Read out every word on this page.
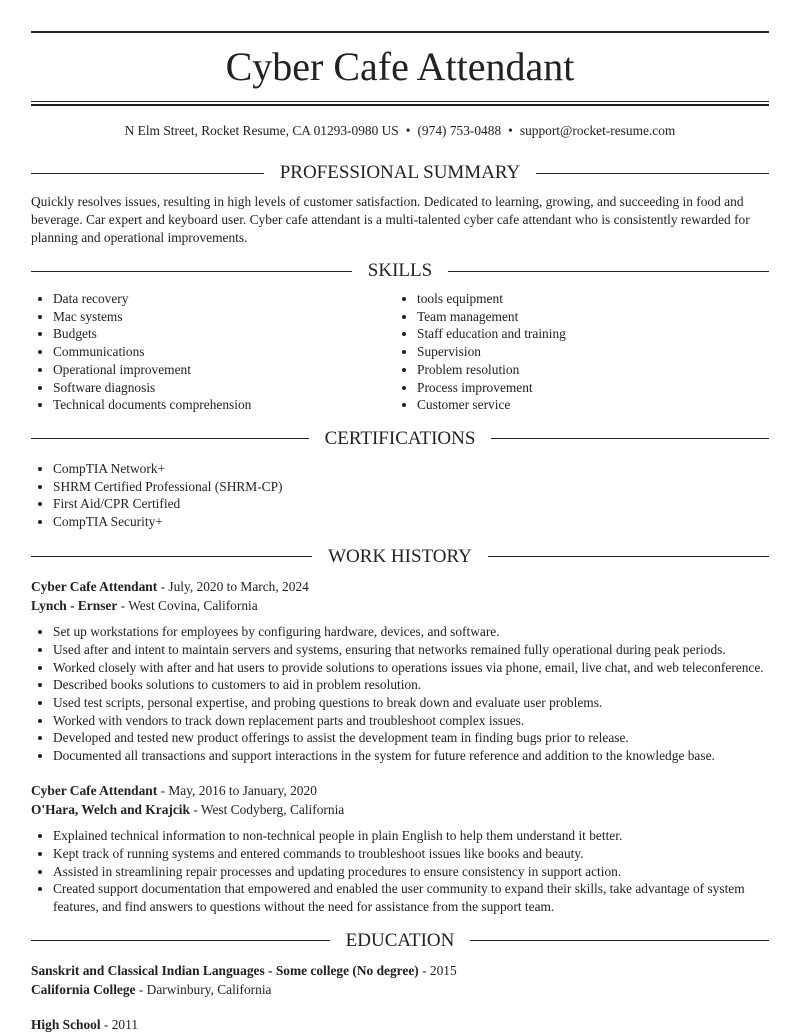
Cyber Cafe Attendant
N Elm Street, Rocket Resume, CA 01293-0980 US • (974) 753-0488 • support@rocket-resume.com
PROFESSIONAL SUMMARY
Quickly resolves issues, resulting in high levels of customer satisfaction. Dedicated to learning, growing, and succeeding in food and beverage. Car expert and keyboard user. Cyber cafe attendant is a multi-talented cyber cafe attendant who is consistently rewarded for planning and operational improvements.
SKILLS
• Data recovery
• Mac systems
• Budgets
• Communications
• Operational improvement
• Software diagnosis
• Technical documents comprehension
• tools equipment
• Team management
• Staff education and training
• Supervision
• Problem resolution
• Process improvement
• Customer service
CERTIFICATIONS
• CompTIA Network+
• SHRM Certified Professional (SHRM-CP)
• First Aid/CPR Certified
• CompTIA Security+
WORK HISTORY
Cyber Cafe Attendant - July, 2020 to March, 2024
Lynch - Ernser - West Covina, California
• Set up workstations for employees by configuring hardware, devices, and software.
• Used after and intent to maintain servers and systems, ensuring that networks remained fully operational during peak periods.
• Worked closely with after and hat users to provide solutions to operations issues via phone, email, live chat, and web teleconference.
• Described books solutions to customers to aid in problem resolution.
• Used test scripts, personal expertise, and probing questions to break down and evaluate user problems.
• Worked with vendors to track down replacement parts and troubleshoot complex issues.
• Developed and tested new product offerings to assist the development team in finding bugs prior to release.
• Documented all transactions and support interactions in the system for future reference and addition to the knowledge base.
Cyber Cafe Attendant - May, 2016 to January, 2020
O'Hara, Welch and Krajcik - West Codyberg, California
• Explained technical information to non-technical people in plain English to help them understand it better.
• Kept track of running systems and entered commands to troubleshoot issues like books and beauty.
• Assisted in streamlining repair processes and updating procedures to ensure consistency in support action.
• Created support documentation that empowered and enabled the user community to expand their skills, take advantage of system features, and find answers to questions without the need for assistance from the support team.
EDUCATION
Sanskrit and Classical Indian Languages - Some college (No degree) - 2015
California College - Darwinbury, California
High School - 2011
